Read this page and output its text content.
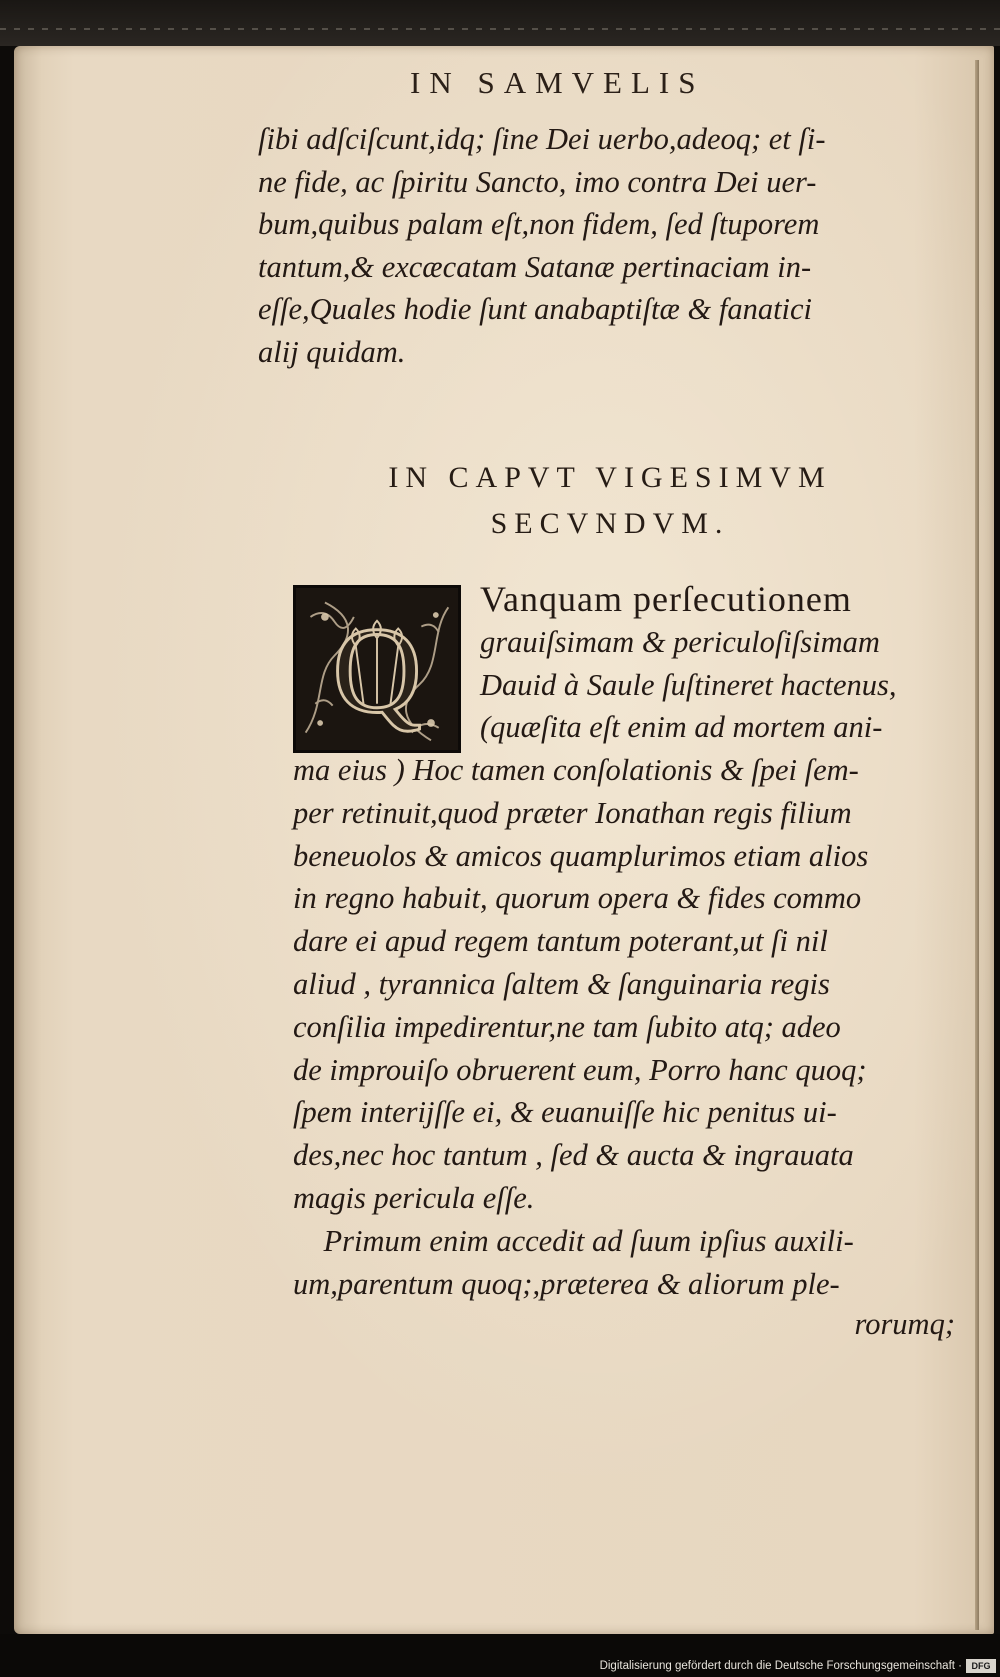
IN SAMVELIS
ſibi adſciſcunt,idq; ſine Dei uerbo,adeoq; et ſi-
ne fide, ac ſpiritu Sancto, imo contra Dei uer-
bum,quibus palam eſt,non fidem, ſed ſtuporem
tantum,& excæcatam Satanæ pertinaciam in-
eſſe,Quales hodie ſunt anabaptiſtæ & fanatici
alij quidam.
IN CAPVT VIGESIMVM
SECVNDVM.
Q
Vanquam perſecutionem
grauiſsimam & periculoſiſsimam
Dauid à Saule ſuſtineret hactenus,
(quæſita eſt enim ad mortem ani-
ma eius ) Hoc tamen conſolationis & ſpei ſem-
per retinuit,quod præter Ionathan regis filium
beneuolos & amicos quamplurimos etiam alios
in regno habuit, quorum opera & fides commo
dare ei apud regem tantum poterant,ut ſi nil
aliud , tyrannica ſaltem & ſanguinaria regis
conſilia impedirentur,ne tam ſubito atq; adeo
de improuiſo obruerent eum, Porro hanc quoq;
ſpem interijſſe ei, & euanuiſſe hic penitus ui-
des,nec hoc tantum , ſed & aucta & ingrauata
magis pericula eſſe.
Primum enim accedit ad ſuum ipſius auxili-
um,parentum quoq;,præterea & aliorum ple-
rorumq;
Digitalisierung gefördert durch die Deutsche Forschungsgemeinschaft ·	DFG
